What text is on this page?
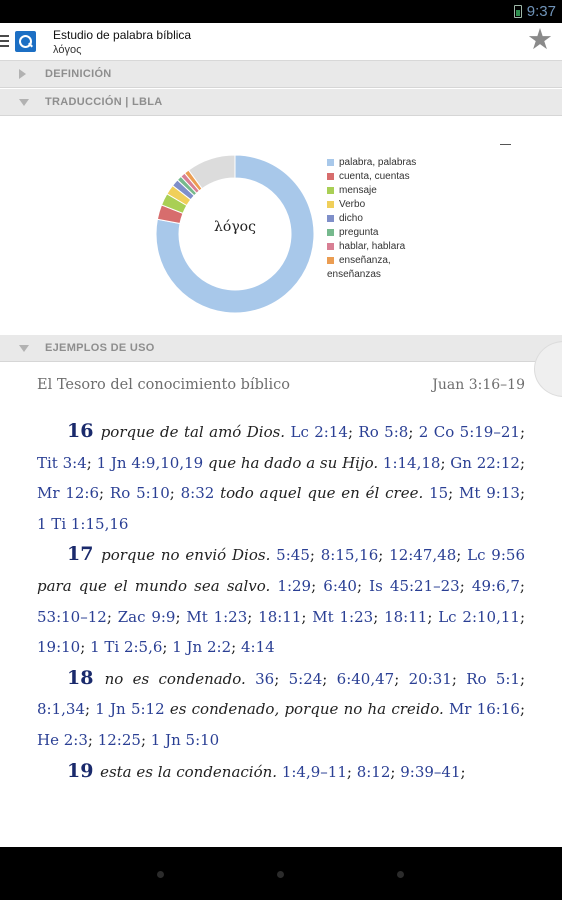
9:37
Estudio de palabra bíblica
λόγος	★
DEFINICIÓN
TRADUCCIÓN | LBLA
λόγος
palabra, palabras
cuenta, cuentas
mensaje
Verbo
dicho
pregunta
hablar, hablara
enseñanza,
enseñanzas
EJEMPLOS DE USO
El Tesoro del conocimiento bíblico	Juan 3:16–19

16 porque de tal amó Dios. Lc 2:14; Ro 5:8; 2 Co 5:19–21; Tit 3:4; 1 Jn 4:9,10,19 que ha dado a su Hijo. 1:14,18; Gn 22:12; Mr 12:6; Ro 5:10; 8:32 todo aquel que en él cree. 15; Mt 9:13; 1 Ti 1:15,16

17 porque no envió Dios. 5:45; 8:15,16; 12:47,48; Lc 9:56 para que el mundo sea salvo. 1:29; 6:40; Is 45:21–23; 49:6,7; 53:10–12; Zac 9:9; Mt 1:23; 18:11; Mt 1:23; 18:11; Lc 2:10,11; 19:10; 1 Ti 2:5,6; 1 Jn 2:2; 4:14

18 no es condenado. 36; 5:24; 6:40,47; 20:31; Ro 5:1; 8:1,34; 1 Jn 5:12 es condenado, porque no ha creido. Mr 16:16; He 2:3; 12:25; 1 Jn 5:10

19 esta es la condenación. 1:4,9–11; 8:12; 9:39–41;
